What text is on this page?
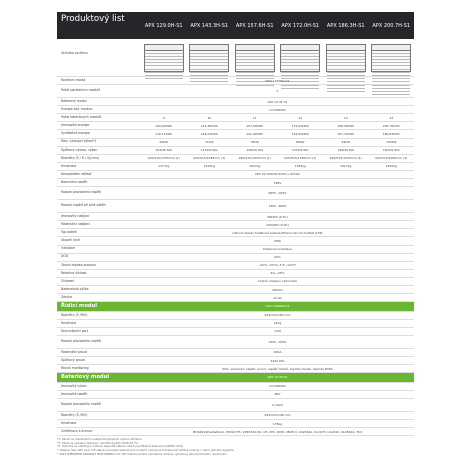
Produktový list
APX 129.0H-S1	APX 143.3H-S1	APX 157.6H-S1	APX 172.0H-S1	APX 186.3H-S1	APX 200.7H-S1
Skladba systému
Kontrolní modul	HVC 100000-C1
Počet paralelních modulů	1
Bateriový modul	APX 14.3F-S1
Energie bat. modulu	14,336kWh
Počet bateriových modulů	9	10	11	12	13	14
Jmenovitá energie	129,02kWh	143,36kWh	157,69kWh	172,03kWh	186,36kWh	200,70kWh
Využitelná energie	116,11kWh	129,02kWh	141,92kWh	154,82kWh	167,72kWh	180,63kWh
Max. výstupní výkon*1	64kW	71kW	78kW	86kW	93kW	100kW
Špičkový výstup. výkon	103kW 60s	114kW 60s	126kW 60s	137kW 60s	149kW 60s	160kW 60s
Rozměry (Š / H / V)(mm)	925/515/1335mm (1)	925/515/1485mm (1)	925/515/1635mm (1)	925/515/1785mm (1)	925/515/1935mm (1)	925/515/2085mm (1)
Hmotnost	1377kg	1515kg	1647kg	1782kg	1917kg	1950kg
Kompatibilní střídač	APX 30-100kW-HA50-x střídač
Nominální napětí	768V
Rozsah provozního napětí	655V~945V
Rozsah napětí při plné zátěži	720V~880V
Jmenovitý nabíjecí	58kWh (0.5C)
Maximální nabíjecí	200kWh (0.9C)
Typ baterií	Lithium železo fosfátová baterie(lithium-ferrum fosfát) (LFP)
Stupeň krytí	IP66
Instalace	Postavení instalace
DOD	90%
Okolní teplota provozu	-20°C~50°C(-4°F~122°F
Relativní vlhkost	5%~95%
Chlazení	Chytré chlazení vzduchem
Nadmořská výška	4000m
Záruka	10 let
Řídicí modul	HVC 100000-C1
Rozměry (Š /H/V)	925/515/180 mm
Hmotnost	22kg
Komunikační port	CAN
Rozsah provozního napětí	150V~950V
Maximální proud	200A
Špičkový proud	224A 60s
Hlavní monitoring	SOC, sledování napětí, proud, napětí článků, teplota článku, teplota PCBA
Bateriový modul	APX 14.3F-S1
Jmenovitý výkon	14,336kWh
Jmenovité napětí	80V
Rozsah provozního napětí	0-102V
Rozměry (Š /H/V)	925/515/148 mm
Hmotnost	135kg
Certifikace a licence	IEC62619(Cell&Pack), IEC62735, VDE2510-50, CE, CEC, RCM, UN38.3, UL9540A, UL1973, UL1642, UL9540A, TCC

*1: Závisí na maximálním nabíjecím/vybíjecím výkonu střídače

*2: Všechna uvedená data jsou naměřena (APX 100D-40 ºC)

*3: Hodnota se vztahuje k celkové kapacitě baterie, která je průběžně testována (NMAC 25%)

*: Baterie řady APX musí mít stejné provedení bateriových modulů, nemají se kombinovat odlišné moduly v rámci jednoho systému

* 2023 SHENZHEN GROWATT NEW ENERGY CO.,LTD Všechna práva vyhrazena. Změny vyhrazeny bez předchozího upozornění.
